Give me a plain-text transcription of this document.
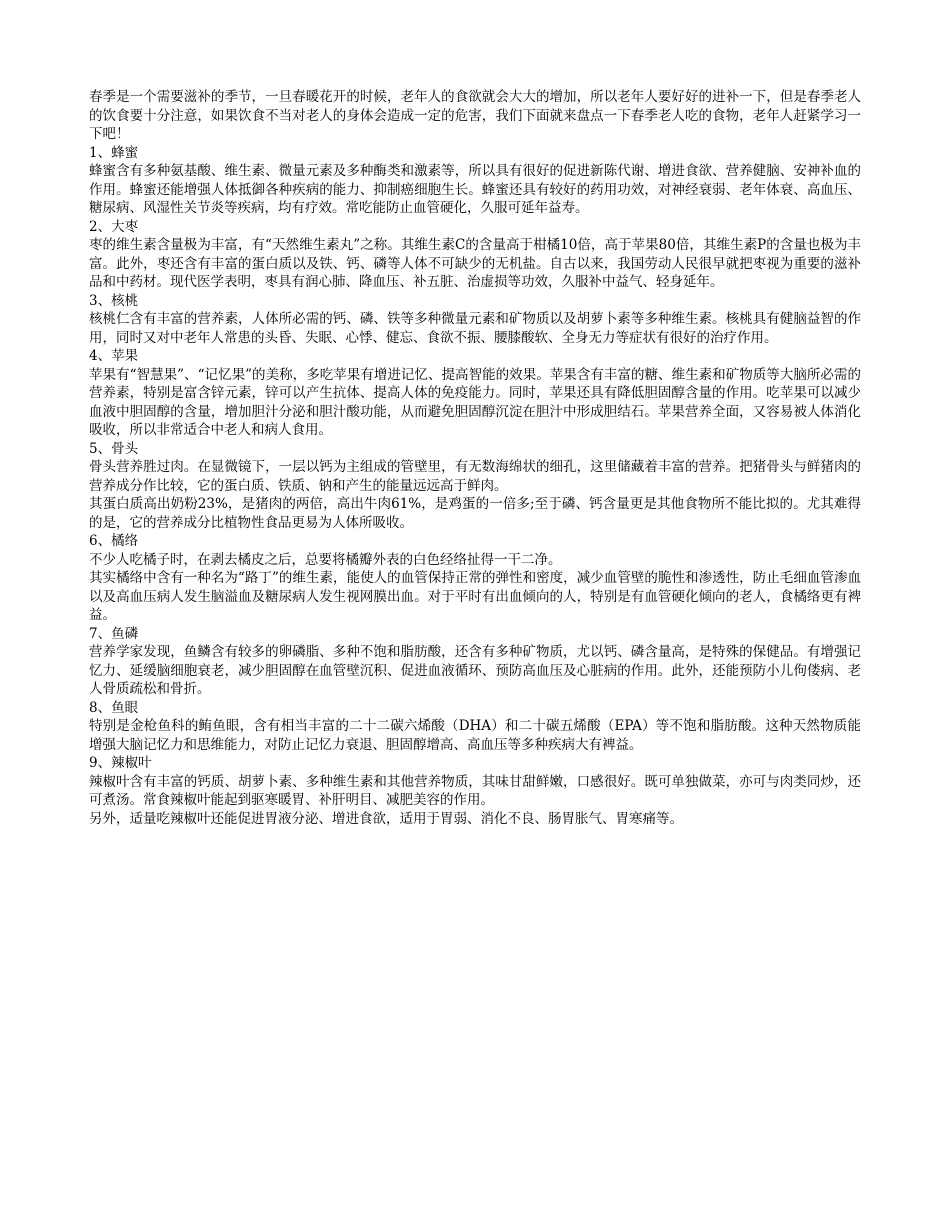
春季是一个需要滋补的季节，一旦春暖花开的时候，老年人的食欲就会大大的增加，所以老年人要好好的进补一下，但是春季老人的饮食要十分注意，如果饮食不当对老人的身体会造成一定的危害，我们下面就来盘点一下春季老人吃的食物，老年人赶紧学习一下吧！

1、蜂蜜

蜂蜜含有多种氨基酸、维生素、微量元素及多种酶类和激素等，所以具有很好的促进新陈代谢、增进食欲、营养健脑、安神补血的作用。蜂蜜还能增强人体抵御各种疾病的能力、抑制癌细胞生长。蜂蜜还具有较好的药用功效，对神经衰弱、老年体衰、高血压、糖尿病、风湿性关节炎等疾病，均有疗效。常吃能防止血管硬化，久服可延年益寿。

2、大枣

枣的维生素含量极为丰富，有“天然维生素丸”之称。其维生素C的含量高于柑橘10倍，高于苹果80倍，其维生素P的含量也极为丰富。此外，枣还含有丰富的蛋白质以及铁、钙、磷等人体不可缺少的无机盐。自古以来，我国劳动人民很早就把枣视为重要的滋补品和中药材。现代医学表明，枣具有润心肺、降血压、补五脏、治虚损等功效，久服补中益气、轻身延年。

3、核桃

核桃仁含有丰富的营养素，人体所必需的钙、磷、铁等多种微量元素和矿物质以及胡萝卜素等多种维生素。核桃具有健脑益智的作用，同时又对中老年人常患的头昏、失眠、心悸、健忘、食欲不振、腰膝酸软、全身无力等症状有很好的治疗作用。

4、苹果

苹果有“智慧果”、“记忆果”的美称，多吃苹果有增进记忆、提高智能的效果。苹果含有丰富的糖、维生素和矿物质等大脑所必需的营养素，特别是富含锌元素，锌可以产生抗体、提高人体的免疫能力。同时，苹果还具有降低胆固醇含量的作用。吃苹果可以减少血液中胆固醇的含量，增加胆汁分泌和胆汁酸功能，从而避免胆固醇沉淀在胆汁中形成胆结石。苹果营养全面，又容易被人体消化吸收，所以非常适合中老人和病人食用。

5、骨头

骨头营养胜过肉。在显微镜下，一层以钙为主组成的管壁里，有无数海绵状的细孔，这里储藏着丰富的营养。把猪骨头与鲜猪肉的营养成分作比较，它的蛋白质、铁质、钠和产生的能量远远高于鲜肉。

其蛋白质高出奶粉23%，是猪肉的两倍，高出牛肉61%，是鸡蛋的一倍多;至于磷、钙含量更是其他食物所不能比拟的。尤其难得的是，它的营养成分比植物性食品更易为人体所吸收。

6、橘络

不少人吃橘子时，在剥去橘皮之后，总要将橘瓣外表的白色经络扯得一干二净。

其实橘络中含有一种名为“路丁”的维生素，能使人的血管保持正常的弹性和密度，减少血管壁的脆性和渗透性，防止毛细血管渗血以及高血压病人发生脑溢血及糖尿病人发生视网膜出血。对于平时有出血倾向的人，特别是有血管硬化倾向的老人，食橘络更有裨益。

7、鱼磷

营养学家发现，鱼鳞含有较多的卵磷脂、多种不饱和脂肪酸，还含有多种矿物质，尤以钙、磷含量高，是特殊的保健品。有增强记忆力、延缓脑细胞衰老，减少胆固醇在血管壁沉积、促进血液循环、预防高血压及心脏病的作用。此外，还能预防小儿佝偻病、老人骨质疏松和骨折。

8、鱼眼

特别是金枪鱼科的鲔鱼眼，含有相当丰富的二十二碳六烯酸（DHA）和二十碳五烯酸（EPA）等不饱和脂肪酸。这种天然物质能增强大脑记忆力和思维能力，对防止记忆力衰退、胆固醇增高、高血压等多种疾病大有裨益。

9、辣椒叶

辣椒叶含有丰富的钙质、胡萝卜素、多种维生素和其他营养物质，其味甘甜鲜嫩，口感很好。既可单独做菜，亦可与肉类同炒，还可煮汤。常食辣椒叶能起到驱寒暖胃、补肝明目、减肥美容的作用。

另外，适量吃辣椒叶还能促进胃液分泌、增进食欲，适用于胃弱、消化不良、肠胃胀气、胃寒痛等。
